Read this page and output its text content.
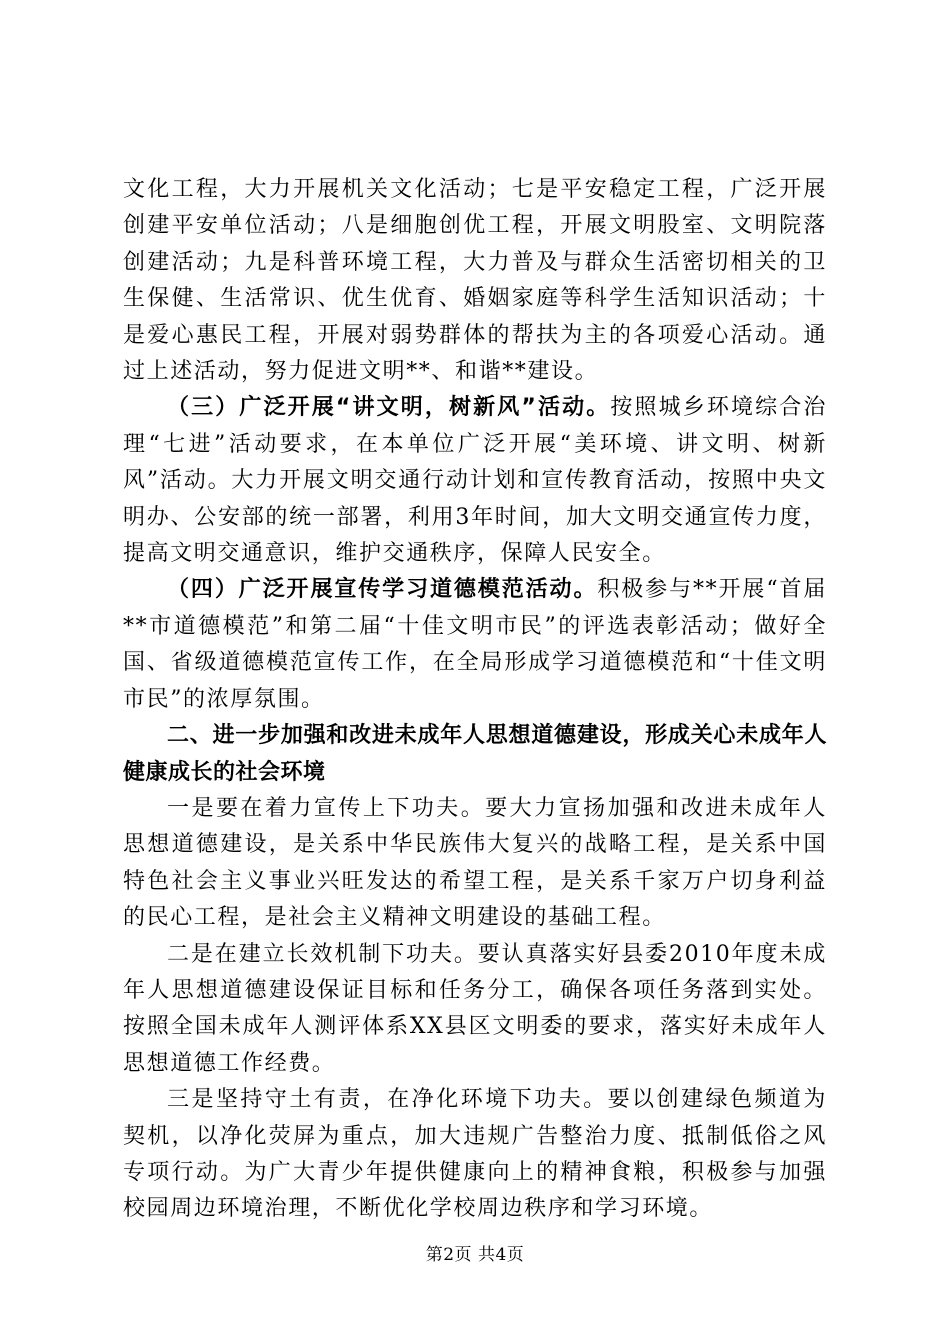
文化工程，大力开展机关文化活动；七是平安稳定工程，广泛开展创建平安单位活动；八是细胞创优工程，开展文明股室、文明院落创建活动；九是科普环境工程，大力普及与群众生活密切相关的卫生保健、生活常识、优生优育、婚姻家庭等科学生活知识活动；十是爱心惠民工程，开展对弱势群体的帮扶为主的各项爱心活动。通过上述活动，努力促进文明**、和谐**建设。

（三）广泛开展“讲文明，树新风”活动。按照城乡环境综合治理“七进”活动要求，在本单位广泛开展“美环境、讲文明、树新风”活动。大力开展文明交通行动计划和宣传教育活动，按照中央文明办、公安部的统一部署，利用3年时间，加大文明交通宣传力度，提高文明交通意识，维护交通秩序，保障人民安全。

（四）广泛开展宣传学习道德模范活动。积极参与**开展“首届**市道德模范”和第二届“十佳文明市民”的评选表彰活动；做好全国、省级道德模范宣传工作，在全局形成学习道德模范和“十佳文明市民”的浓厚氛围。

二、进一步加强和改进未成年人思想道德建设，形成关心未成年人健康成长的社会环境

一是要在着力宣传上下功夫。要大力宣扬加强和改进未成年人思想道德建设，是关系中华民族伟大复兴的战略工程，是关系中国特色社会主义事业兴旺发达的希望工程，是关系千家万户切身利益的民心工程，是社会主义精神文明建设的基础工程。

二是在建立长效机制下功夫。要认真落实好县委2010年度未成年人思想道德建设保证目标和任务分工，确保各项任务落到实处。按照全国未成年人测评体系XX县区文明委的要求，落实好未成年人思想道德工作经费。

三是坚持守土有责，在净化环境下功夫。要以创建绿色频道为契机，以净化荧屏为重点，加大违规广告整治力度、抵制低俗之风专项行动。为广大青少年提供健康向上的精神食粮，积极参与加强校园周边环境治理，不断优化学校周边秩序和学习环境。

第2页 共4页
